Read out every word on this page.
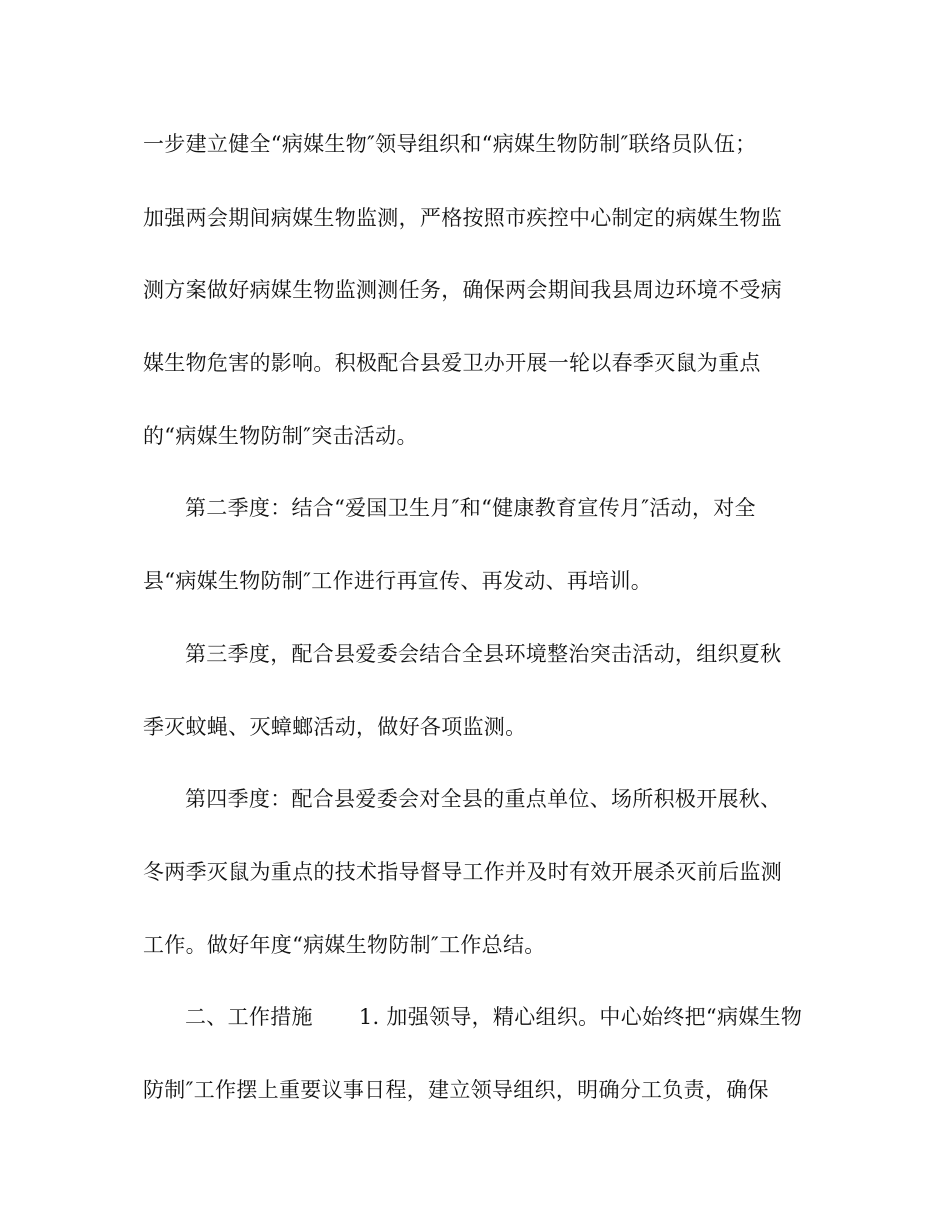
一步建立健全“病媒生物″领导组织和“病媒生物防制″联络员队伍；
加强两会期间病媒生物监测，严格按照市疾控中心制定的病媒生物监
测方案做好病媒生物监测测任务，确保两会期间我县周边环境不受病
媒生物危害的影响。积极配合县爱卫办开展一轮以春季灭鼠为重点
的“病媒生物防制″突击活动。
第二季度：结合“爱国卫生月″和“健康教育宣传月″活动，对全
县“病媒生物防制″工作进行再宣传、再发动、再培训。
第三季度，配合县爱委会结合全县环境整治突击活动，组织夏秋
季灭蚊蝇、灭蟑螂活动，做好各项监测。
第四季度：配合县爱委会对全县的重点单位、场所积极开展秋、
冬两季灭鼠为重点的技术指导督导工作并及时有效开展杀灭前后监测
工作。做好年度“病媒生物防制″工作总结。
二、工作措施 1. 加强领导，精心组织。中心始终把“病媒生物
防制″工作摆上重要议事日程，建立领导组织，明确分工负责，确保
